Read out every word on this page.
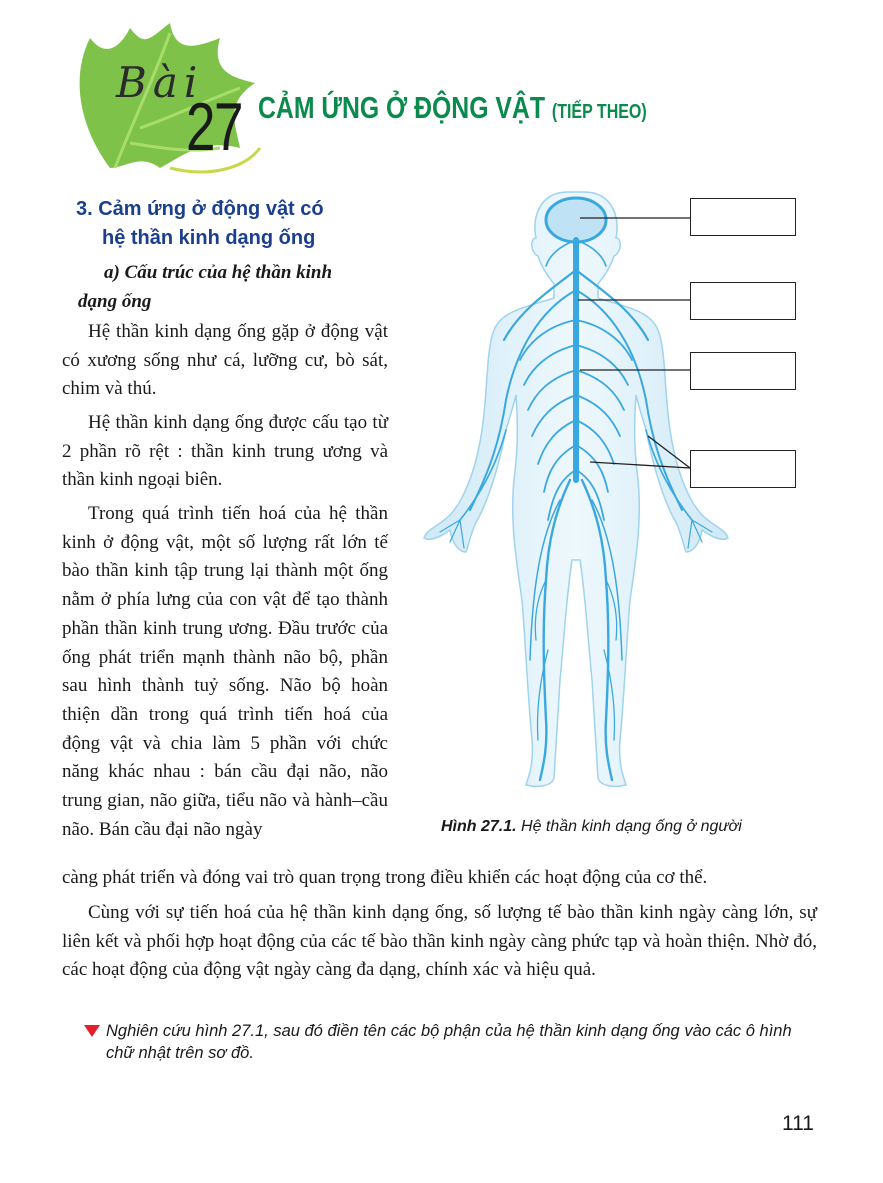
Bài
27 CẢM ỨNG Ở ĐỘNG VẬT (TIẾP THEO)
3. Cảm ứng ở động vật có
hệ thần kinh dạng ống
a) Cấu trúc của hệ thần kinh
dạng ống

Hệ thần kinh dạng ống gặp ở động vật có xương sống như cá, lưỡng cư, bò sát, chim và thú.

Hệ thần kinh dạng ống được cấu tạo từ 2 phần rõ rệt : thần kinh trung ương và thần kinh ngoại biên.

Trong quá trình tiến hoá của hệ thần kinh ở động vật, một số lượng rất lớn tế bào thần kinh tập trung lại thành một ống nằm ở phía lưng của con vật để tạo thành phần thần kinh trung ương. Đầu trước của ống phát triển mạnh thành não bộ, phần sau hình thành tuỷ sống. Não bộ hoàn thiện dần trong quá trình tiến hoá của động vật và chia làm 5 phần với chức năng khác nhau : bán cầu đại não, não trung gian, não giữa, tiểu não và hành–cầu não. Bán cầu đại não ngày

càng phát triển và đóng vai trò quan trọng trong điều khiển các hoạt động của cơ thể.

Cùng với sự tiến hoá của hệ thần kinh dạng ống, số lượng tế bào thần kinh ngày càng lớn, sự liên kết và phối hợp hoạt động của các tế bào thần kinh ngày càng phức tạp và hoàn thiện. Nhờ đó, các hoạt động của động vật ngày càng đa dạng, chính xác và hiệu quả.

Hình 27.1. Hệ thần kinh dạng ống ở người
Nghiên cứu hình 27.1, sau đó điền tên các bộ phận của hệ thần kinh dạng ống vào các ô hình chữ nhật trên sơ đồ.
111
